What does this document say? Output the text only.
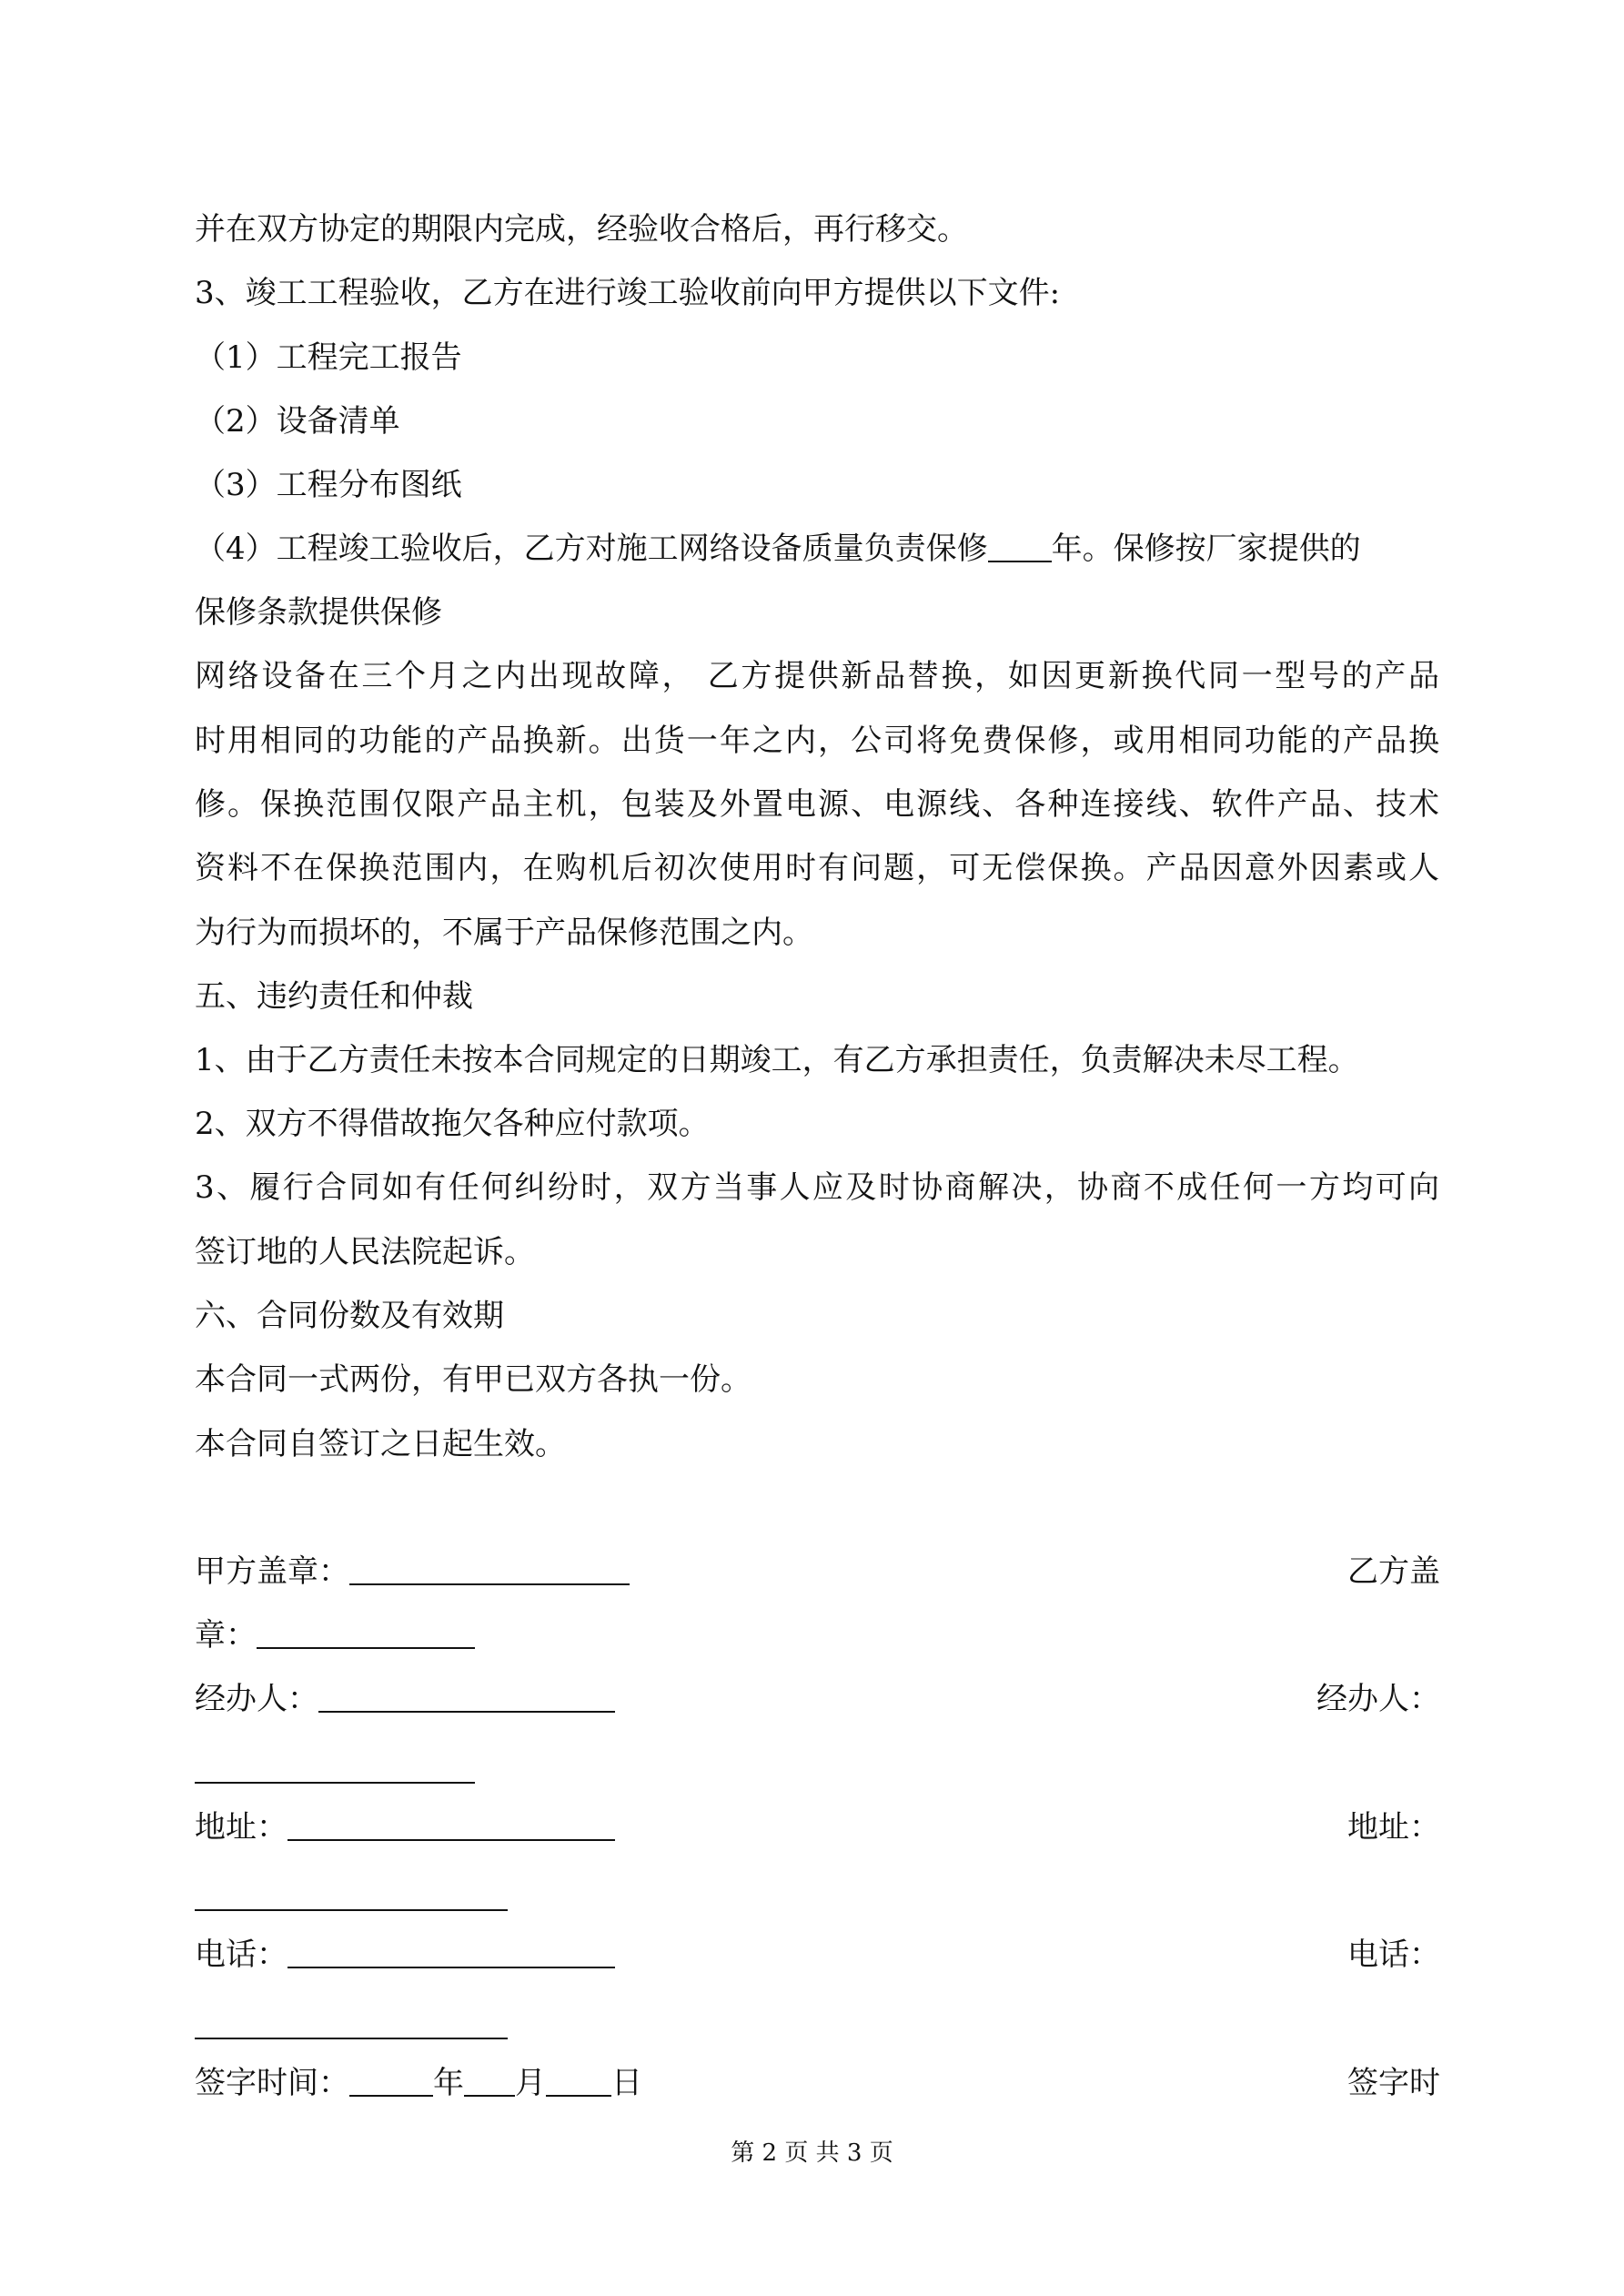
并在双方协定的期限内完成，经验收合格后，再行移交。
3、竣工工程验收，乙方在进行竣工验收前向甲方提供以下文件:
（1）工程完工报告
（2）设备清单
（3）工程分布图纸
（4）工程竣工验收后，乙方对施工网络设备质量负责保修 年。保修按厂家提供的
保修条款提供保修
网络设备在三个月之内出现故障， 乙方提供新品替换，如因更新换代同一型号的产品
时用相同的功能的产品换新。出货一年之内，公司将免费保修，或用相同功能的产品换
修。保换范围仅限产品主机，包装及外置电源、电源线、各种连接线、软件产品、技术
资料不在保换范围内，在购机后初次使用时有问题，可无偿保换。产品因意外因素或人
为行为而损坏的，不属于产品保修范围之内。
五、违约责任和仲裁
1、由于乙方责任未按本合同规定的日期竣工，有乙方承担责任，负责解决未尽工程。
2、双方不得借故拖欠各种应付款项。
3、履行合同如有任何纠纷时，双方当事人应及时协商解决，协商不成任何一方均可向
签订地的人民法院起诉。
六、合同份数及有效期
本合同一式两份，有甲已双方各执一份。
本合同自签订之日起生效。
甲方盖章：	乙方盖
章：
经办人：	经办人：
地址：	地址：
电话：	电话：
签字时间：	年 月 日	签字时
第 2 页 共 3 页
